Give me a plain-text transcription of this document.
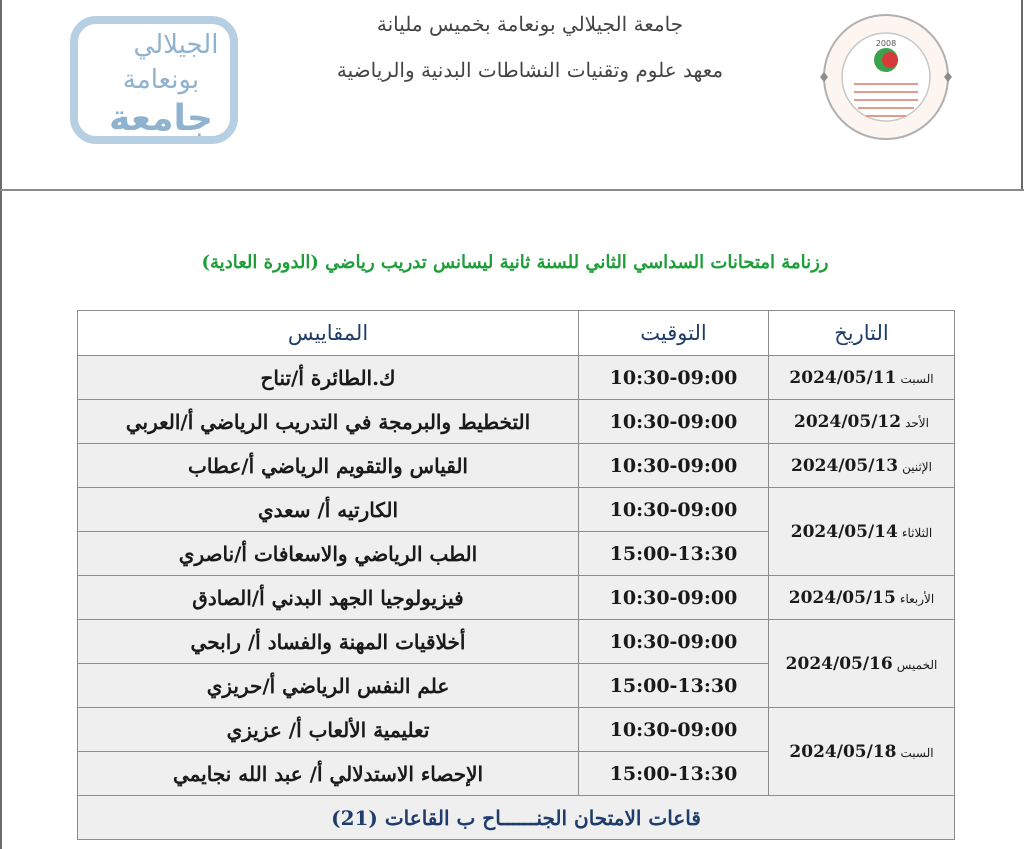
الجيلالي
بونعامة
جامعة
2008
جامعة الجيلالي بونعامة بخميس مليانة
معهد علوم وتقنيات النشاطات البدنية والرياضية
رزنامة امتحانات السداسي الثاني للسنة ثانية ليسانس تدريب رياضي (الدورة العادية)
التاريخ	التوقيت	المقاييس
السبت2024/05/11	10:30-09:00	ك.الطائرة أ/تناح
الأحد2024/05/12	10:30-09:00	التخطيط والبرمجة في التدريب الرياضي أ/العربي
الإثنين2024/05/13	10:30-09:00	القياس والتقويم الرياضي أ/عطاب
الثلاثاء2024/05/14	10:30-09:00	الكارتيه أ/ سعدي
	15:00-13:30	الطب الرياضي والاسعافات أ/ناصري
الأربعاء2024/05/15	10:30-09:00	فيزيولوجيا الجهد البدني أ/الصادق
الخميس2024/05/16	10:30-09:00	أخلاقيات المهنة والفساد أ/ رابحي
	15:00-13:30	علم النفس الرياضي أ/حريزي
السبت2024/05/18	10:30-09:00	تعليمية الألعاب أ/ عزيزي
	15:00-13:30	الإحصاء الاستدلالي أ/ عبد الله نجايمي
قاعات الامتحان الجنــــــاح ب القاعات (21)		
